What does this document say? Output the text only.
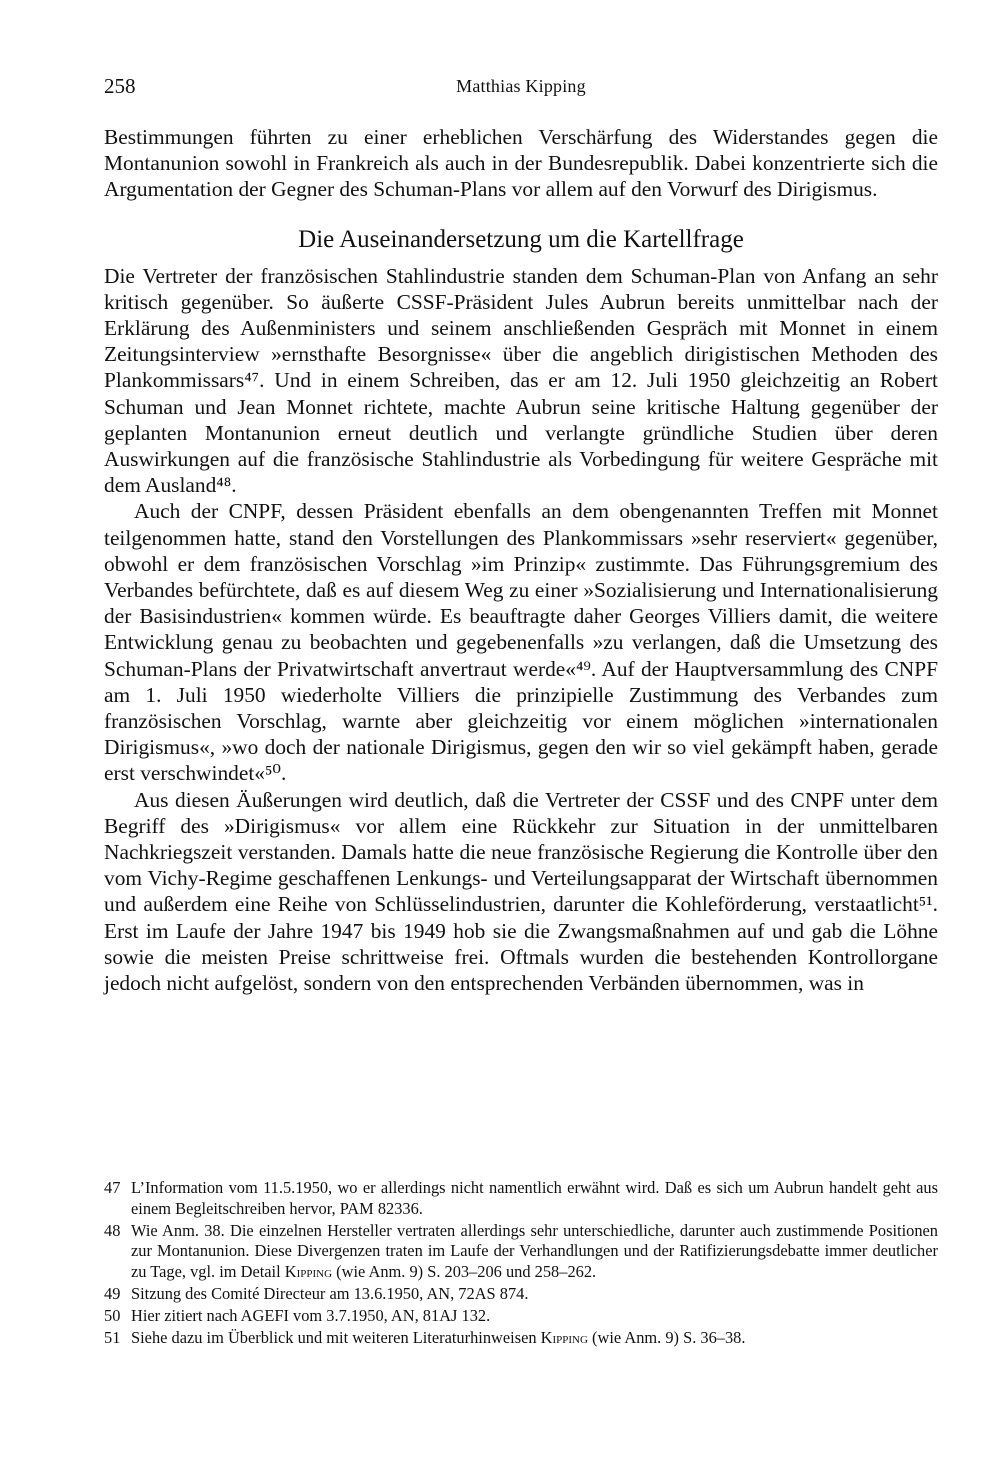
258	Matthias Kipping

Bestimmungen führten zu einer erheblichen Verschärfung des Widerstandes gegen die Montanunion sowohl in Frankreich als auch in der Bundesrepublik. Dabei konzentrierte sich die Argumentation der Gegner des Schuman-Plans vor allem auf den Vorwurf des Dirigismus.

Die Auseinandersetzung um die Kartellfrage

Die Vertreter der französischen Stahlindustrie standen dem Schuman-Plan von Anfang an sehr kritisch gegenüber. So äußerte CSSF-Präsident Jules Aubrun bereits unmittelbar nach der Erklärung des Außenministers und seinem anschließenden Gespräch mit Monnet in einem Zeitungsinterview »ernsthafte Besorgnisse« über die angeblich dirigistischen Methoden des Plankommissars⁴⁷. Und in einem Schreiben, das er am 12. Juli 1950 gleichzeitig an Robert Schuman und Jean Monnet richtete, machte Aubrun seine kritische Haltung gegenüber der geplanten Montanunion erneut deutlich und verlangte gründliche Studien über deren Auswirkungen auf die französische Stahlindustrie als Vorbedingung für weitere Gespräche mit dem Ausland⁴⁸.

Auch der CNPF, dessen Präsident ebenfalls an dem obengenannten Treffen mit Monnet teilgenommen hatte, stand den Vorstellungen des Plankommissars »sehr reserviert« gegenüber, obwohl er dem französischen Vorschlag »im Prinzip« zustimmte. Das Führungsgremium des Verbandes befürchtete, daß es auf diesem Weg zu einer »Sozialisierung und Internationalisierung der Basisindustrien« kommen würde. Es beauftragte daher Georges Villiers damit, die weitere Entwicklung genau zu beobachten und gegebenenfalls »zu verlangen, daß die Umsetzung des Schuman-Plans der Privatwirtschaft anvertraut werde«⁴⁹. Auf der Hauptversammlung des CNPF am 1. Juli 1950 wiederholte Villiers die prinzipielle Zustimmung des Verbandes zum französischen Vorschlag, warnte aber gleichzeitig vor einem möglichen »internationalen Dirigismus«, »wo doch der nationale Dirigismus, gegen den wir so viel gekämpft haben, gerade erst verschwindet«⁵⁰.

Aus diesen Äußerungen wird deutlich, daß die Vertreter der CSSF und des CNPF unter dem Begriff des »Dirigismus« vor allem eine Rückkehr zur Situation in der unmittelbaren Nachkriegszeit verstanden. Damals hatte die neue französische Regierung die Kontrolle über den vom Vichy-Regime geschaffenen Lenkungs- und Verteilungsapparat der Wirtschaft übernommen und außerdem eine Reihe von Schlüsselindustrien, darunter die Kohleförderung, verstaatlicht⁵¹. Erst im Laufe der Jahre 1947 bis 1949 hob sie die Zwangsmaßnahmen auf und gab die Löhne sowie die meisten Preise schrittweise frei. Oftmals wurden die bestehenden Kontrollorgane jedoch nicht aufgelöst, sondern von den entsprechenden Verbänden übernommen, was in

47 L’Information vom 11.5.1950, wo er allerdings nicht namentlich erwähnt wird. Daß es sich um Aubrun handelt geht aus einem Begleitschreiben hervor, PAM 82336.
48 Wie Anm. 38. Die einzelnen Hersteller vertraten allerdings sehr unterschiedliche, darunter auch zustimmende Positionen zur Montanunion. Diese Divergenzen traten im Laufe der Verhandlungen und der Ratifizierungsdebatte immer deutlicher zu Tage, vgl. im Detail Kipping (wie Anm. 9) S. 203–206 und 258–262.
49 Sitzung des Comité Directeur am 13.6.1950, AN, 72AS 874.
50 Hier zitiert nach AGEFI vom 3.7.1950, AN, 81AJ 132.
51 Siehe dazu im Überblick und mit weiteren Literaturhinweisen Kipping (wie Anm. 9) S. 36–38.
